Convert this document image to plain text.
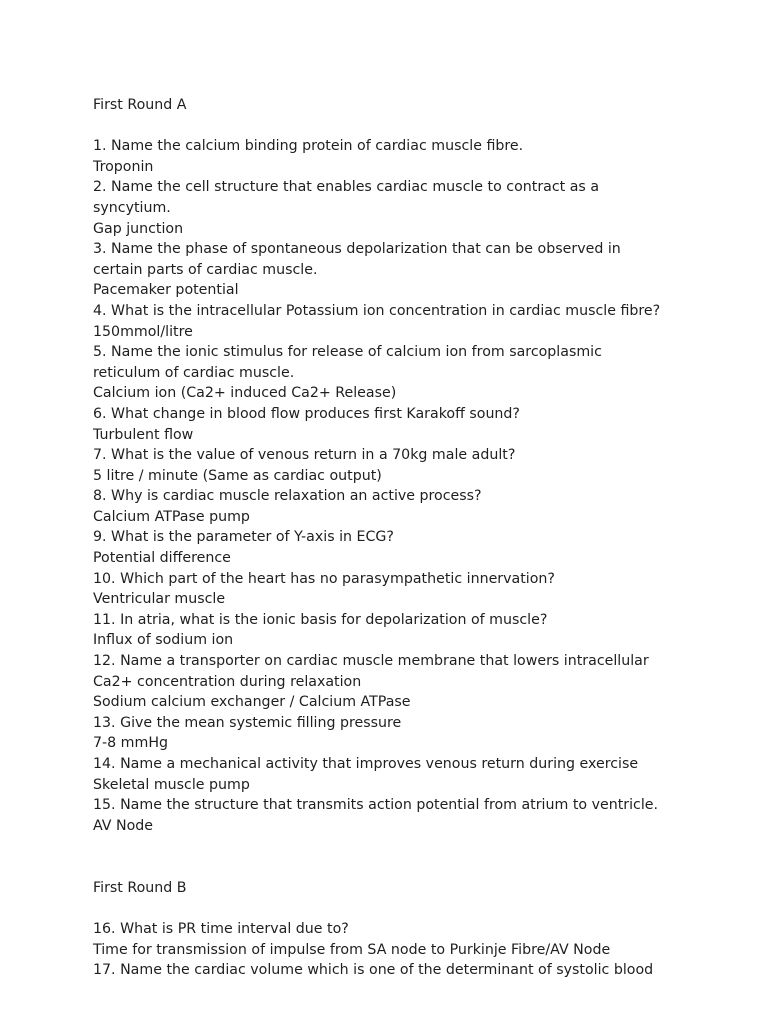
First Round A

1. Name the calcium binding protein of cardiac muscle fibre.

Troponin

2. Name the cell structure that enables cardiac muscle to contract as a syncytium.

Gap junction

3. Name the phase of spontaneous depolarization that can be observed in certain parts of cardiac muscle.

Pacemaker potential

4. What is the intracellular Potassium ion concentration in cardiac muscle fibre?

150mmol/litre

5. Name the ionic stimulus for release of calcium ion from sarcoplasmic reticulum of cardiac muscle.

Calcium ion (Ca2+ induced Ca2+ Release)

6. What change in blood flow produces first Karakoff sound?

Turbulent flow

7. What is the value of venous return in a 70kg male adult?

5 litre / minute (Same as cardiac output)

8. Why is cardiac muscle relaxation an active process?

Calcium ATPase pump

9. What is the parameter of Y-axis in ECG?

Potential difference

10. Which part of the heart has no parasympathetic innervation?

Ventricular muscle

11. In atria, what is the ionic basis for depolarization of muscle?

Influx of sodium ion

12. Name a transporter on cardiac muscle membrane that lowers intracellular Ca2+ concentration during relaxation

Sodium calcium exchanger / Calcium ATPase

13. Give the mean systemic filling pressure

7-8 mmHg

14. Name a mechanical activity that improves venous return during exercise

Skeletal muscle pump

15. Name the structure that transmits action potential from atrium to ventricle.

AV Node

First Round B

16. What is PR time interval due to?

Time for transmission of impulse from SA node to Purkinje Fibre/AV Node

17. Name the cardiac volume which is one of the determinant of systolic blood
